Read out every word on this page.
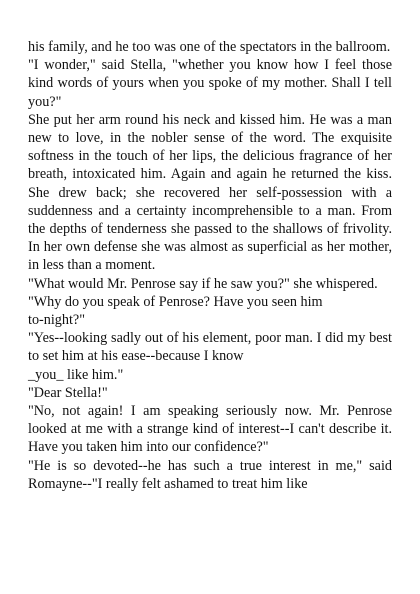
his family, and he too was one of the spectators in the ballroom.

"I wonder," said Stella, "whether you know how I feel those kind words of yours when you spoke of my mother. Shall I tell you?"

She put her arm round his neck and kissed him. He was a man new to love, in the nobler sense of the word. The exquisite softness in the touch of her lips, the delicious fragrance of her breath, intoxicated him. Again and again he returned the kiss. She drew back; she recovered her self-possession with a suddenness and a certainty incomprehensible to a man. From the depths of tenderness she passed to the shallows of frivolity. In her own defense she was almost as superficial as her mother, in less than a moment.

"What would Mr. Penrose say if he saw you?" she whispered.

"Why do you speak of Penrose? Have you seen him
to-night?"

"Yes--looking sadly out of his element, poor man. I did my best to set him at his ease--because I know
_you_ like him."

"Dear Stella!"

"No, not again! I am speaking seriously now. Mr. Penrose looked at me with a strange kind of interest--I can't describe it. Have you taken him into our confidence?"

"He is so devoted--he has such a true interest in me," said Romayne--"I really felt ashamed to treat him like
